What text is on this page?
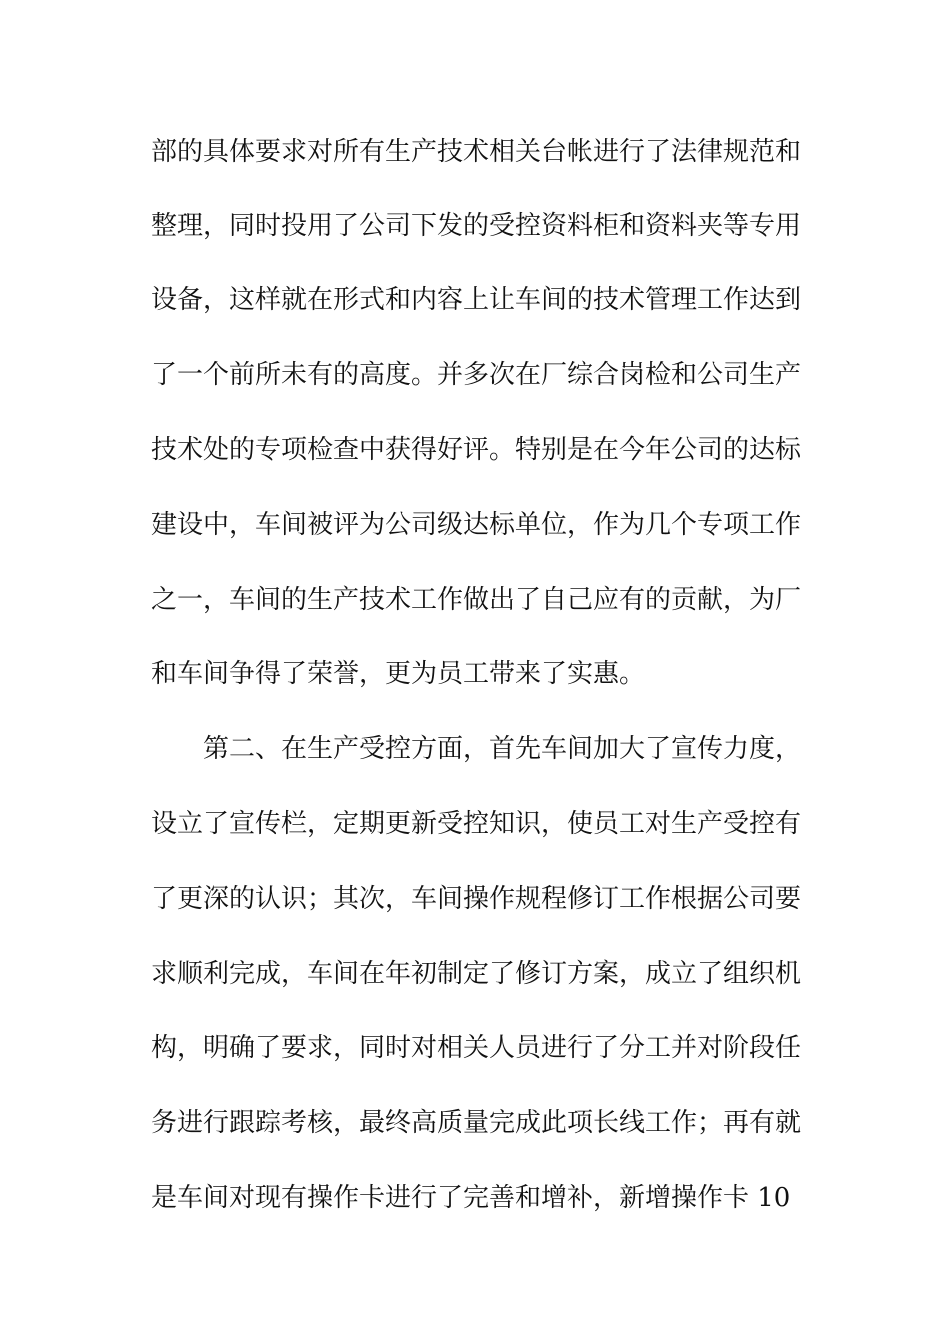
部的具体要求对所有生产技术相关台帐进行了法律规范和
整理，同时投用了公司下发的受控资料柜和资料夹等专用
设备，这样就在形式和内容上让车间的技术管理工作达到
了一个前所未有的高度。并多次在厂综合岗检和公司生产
技术处的专项检查中获得好评。特别是在今年公司的达标
建设中，车间被评为公司级达标单位，作为几个专项工作
之一，车间的生产技术工作做出了自己应有的贡献，为厂
和车间争得了荣誉，更为员工带来了实惠。
第二、在生产受控方面，首先车间加大了宣传力度，
设立了宣传栏，定期更新受控知识，使员工对生产受控有
了更深的认识；其次，车间操作规程修订工作根据公司要
求顺利完成，车间在年初制定了修订方案，成立了组织机
构，明确了要求，同时对相关人员进行了分工并对阶段任
务进行跟踪考核，最终高质量完成此项长线工作；再有就
是车间对现有操作卡进行了完善和增补，新增操作卡 10
